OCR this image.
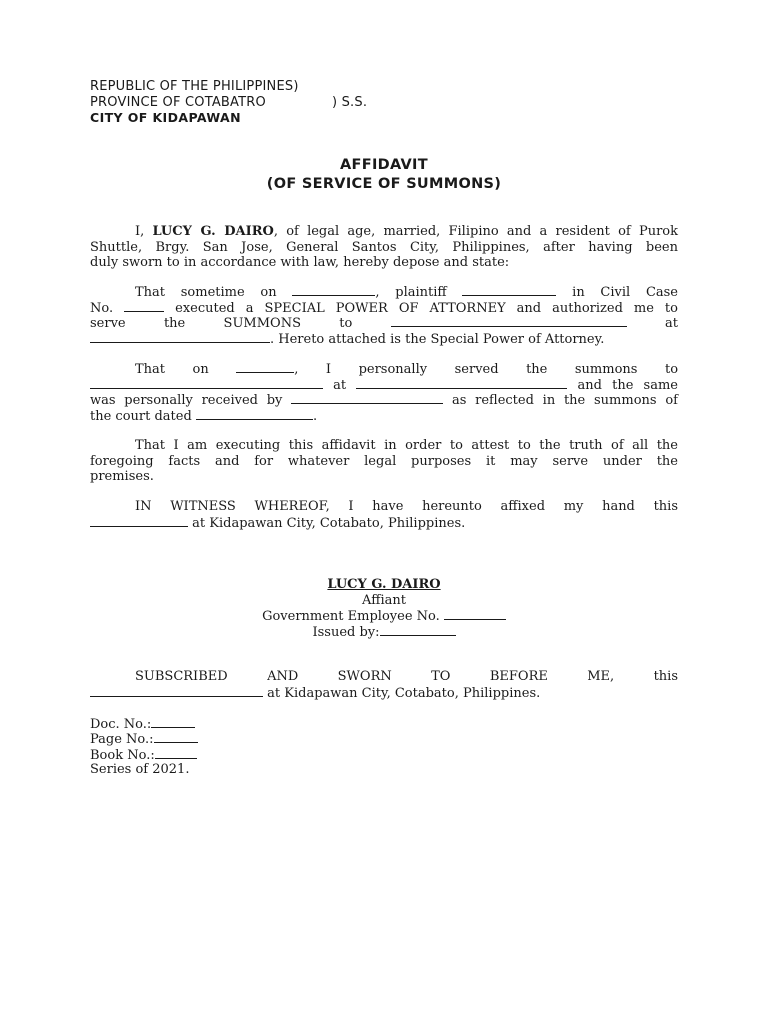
REPUBLIC OF THE PHILIPPINES)
PROVINCE OF COTABATRO	) S.S.
CITY OF KIDAPAWAN
AFFIDAVIT
(OF SERVICE OF SUMMONS)
I, LUCY G. DAIRO, of legal age, married, Filipino and a resident of Purok
Shuttle, Brgy. San Jose, General Santos City, Philippines, after having been
duly sworn to in accordance with law, hereby depose and state:
That sometime on	, plaintiff	in Civil Case
No.	executed a SPECIAL POWER OF ATTORNEY and authorized me to
serve	the	SUMMONS	to	at
. Hereto attached is the Special Power of Attorney.
That on	, I personally served the summons to
at	and the same
was personally received by	as reflected in the summons of
the court dated	.
That I am executing this affidavit in order to attest to the truth of all the
foregoing facts and for whatever legal purposes it may serve under the
premises.
IN WITNESS WHEREOF, I have hereunto affixed my hand this
at Kidapawan City, Cotabato, Philippines.
LUCY G. DAIRO
Affiant
Government Employee No.
Issued by:
SUBSCRIBED	AND	SWORN	TO	BEFORE	ME,	this
at Kidapawan City, Cotabato, Philippines.
Doc. No.:
Page No.:
Book No.:
Series of 2021.
